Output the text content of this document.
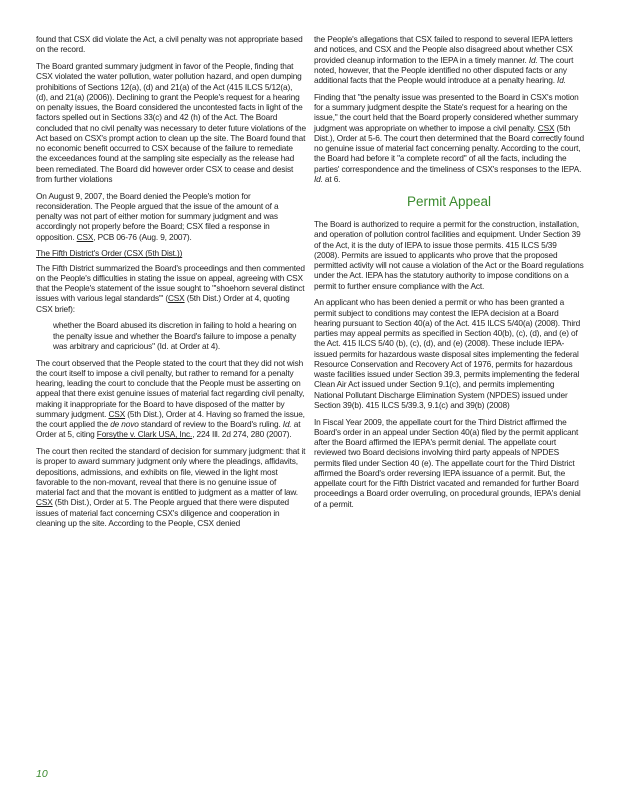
found that CSX did violate the Act, a civil penalty was not appropriate based on the record.

The Board granted summary judgment in favor of the People, finding that CSX violated the water pollution, water pollution hazard, and open dumping prohibitions of Sections 12(a), (d) and 21(a) of the Act (415 ILCS 5/12(a), (d), and 21(a) (2006)). Declining to grant the People's request for a hearing on penalty issues, the Board considered the uncontested facts in light of the factors spelled out in Sections 33(c) and 42 (h) of the Act. The Board concluded that no civil penalty was necessary to deter future violations of the Act based on CSX's prompt action to clean up the site. The Board found that no economic benefit occurred to CSX because of the failure to remediate the exceedances found at the sampling site especially as the release had been remediated. The Board did however order CSX to cease and desist from further violations

On August 9, 2007, the Board denied the People's motion for reconsideration. The People argued that the issue of the amount of a penalty was not part of either motion for summary judgment and was accordingly not properly before the Board; CSX filed a response in opposition. CSX, PCB 06-76 (Aug. 9, 2007).

The Fifth District's Order (CSX (5th Dist.))

The Fifth District summarized the Board's proceedings and then commented on the People's difficulties in stating the issue on appeal, agreeing with CSX that the People's statement of the issue sought to "'shoehorn several distinct issues with various legal standards'" (CSX (5th Dist.) Order at 4, quoting CSX brief):

whether the Board abused its discretion in failing to hold a hearing on the penalty issue and whether the Board's failure to impose a penalty was arbitrary and capricious" (Id. at Order at 4).

The court observed that the People stated to the court that they did not wish the court itself to impose a civil penalty, but rather to remand for a penalty hearing, leading the court to conclude that the People must be asserting on appeal that there exist genuine issues of material fact regarding civil penalty, making it inappropriate for the Board to have disposed of the matter by summary judgment. CSX (5th Dist.), Order at 4. Having so framed the issue, the court applied the de novo standard of review to the Board's ruling. Id. at Order at 5, citing Forsythe v. Clark USA, Inc., 224 Ill. 2d 274, 280 (2007).

The court then recited the standard of decision for summary judgment: that it is proper to award summary judgment only where the pleadings, affidavits, depositions, admissions, and exhibits on file, viewed in the light most favorable to the non-movant, reveal that there is no genuine issue of material fact and that the movant is entitled to judgment as a matter of law. CSX (5th Dist.), Order at 5. The People argued that there were disputed issues of material fact concerning CSX's diligence and cooperation in cleaning up the site. According to the People, CSX denied

the People's allegations that CSX failed to respond to several IEPA letters and notices, and CSX and the People also disagreed about whether CSX provided cleanup information to the IEPA in a timely manner. Id. The court noted, however, that the People identified no other disputed facts or any additional facts that the People would introduce at a penalty hearing. Id.

Finding that "the penalty issue was presented to the Board in CSX's motion for a summary judgment despite the State's request for a hearing on the issue," the court held that the Board properly considered whether summary judgment was appropriate on whether to impose a civil penalty. CSX (5th Dist.), Order at 5-6. The court then determined that the Board correctly found no genuine issue of material fact concerning penalty. According to the court, the Board had before it "a complete record" of all the facts, including the parties' correspondence and the timeliness of CSX's responses to the IEPA. Id. at 6.

Permit Appeal

The Board is authorized to require a permit for the construction, installation, and operation of pollution control facilities and equipment. Under Section 39 of the Act, it is the duty of IEPA to issue those permits. 415 ILCS 5/39 (2008). Permits are issued to applicants who prove that the proposed permitted activity will not cause a violation of the Act or the Board regulations under the Act. IEPA has the statutory authority to impose conditions on a permit to further ensure compliance with the Act.

An applicant who has been denied a permit or who has been granted a permit subject to conditions may contest the IEPA decision at a Board hearing pursuant to Section 40(a) of the Act. 415 ILCS 5/40(a) (2008). Third parties may appeal permits as specified in Section 40(b), (c), (d), and (e) of the Act. 415 ILCS 5/40 (b), (c), (d), and (e) (2008). These include IEPA-issued permits for hazardous waste disposal sites implementing the federal Resource Conservation and Recovery Act of 1976, permits for hazardous waste facilities issued under Section 39.3, permits implementing the federal Clean Air Act issued under Section 9.1(c), and permits implementing National Pollutant Discharge Elimination System (NPDES) issued under Section 39(b). 415 ILCS 5/39.3, 9.1(c) and 39(b) (2008)

In Fiscal Year 2009, the appellate court for the Third District affirmed the Board's order in an appeal under Section 40(a) filed by the permit applicant after the Board affirmed the IEPA's permit denial. The appellate court reviewed two Board decisions involving third party appeals of NPDES permits filed under Section 40 (e). The appellate court for the Third District affirmed the Board's order reversing IEPA issuance of a permit. But, the appellate court for the Fifth District vacated and remanded for further Board proceedings a Board order overruling, on procedural grounds, IEPA's denial of a permit.

10
